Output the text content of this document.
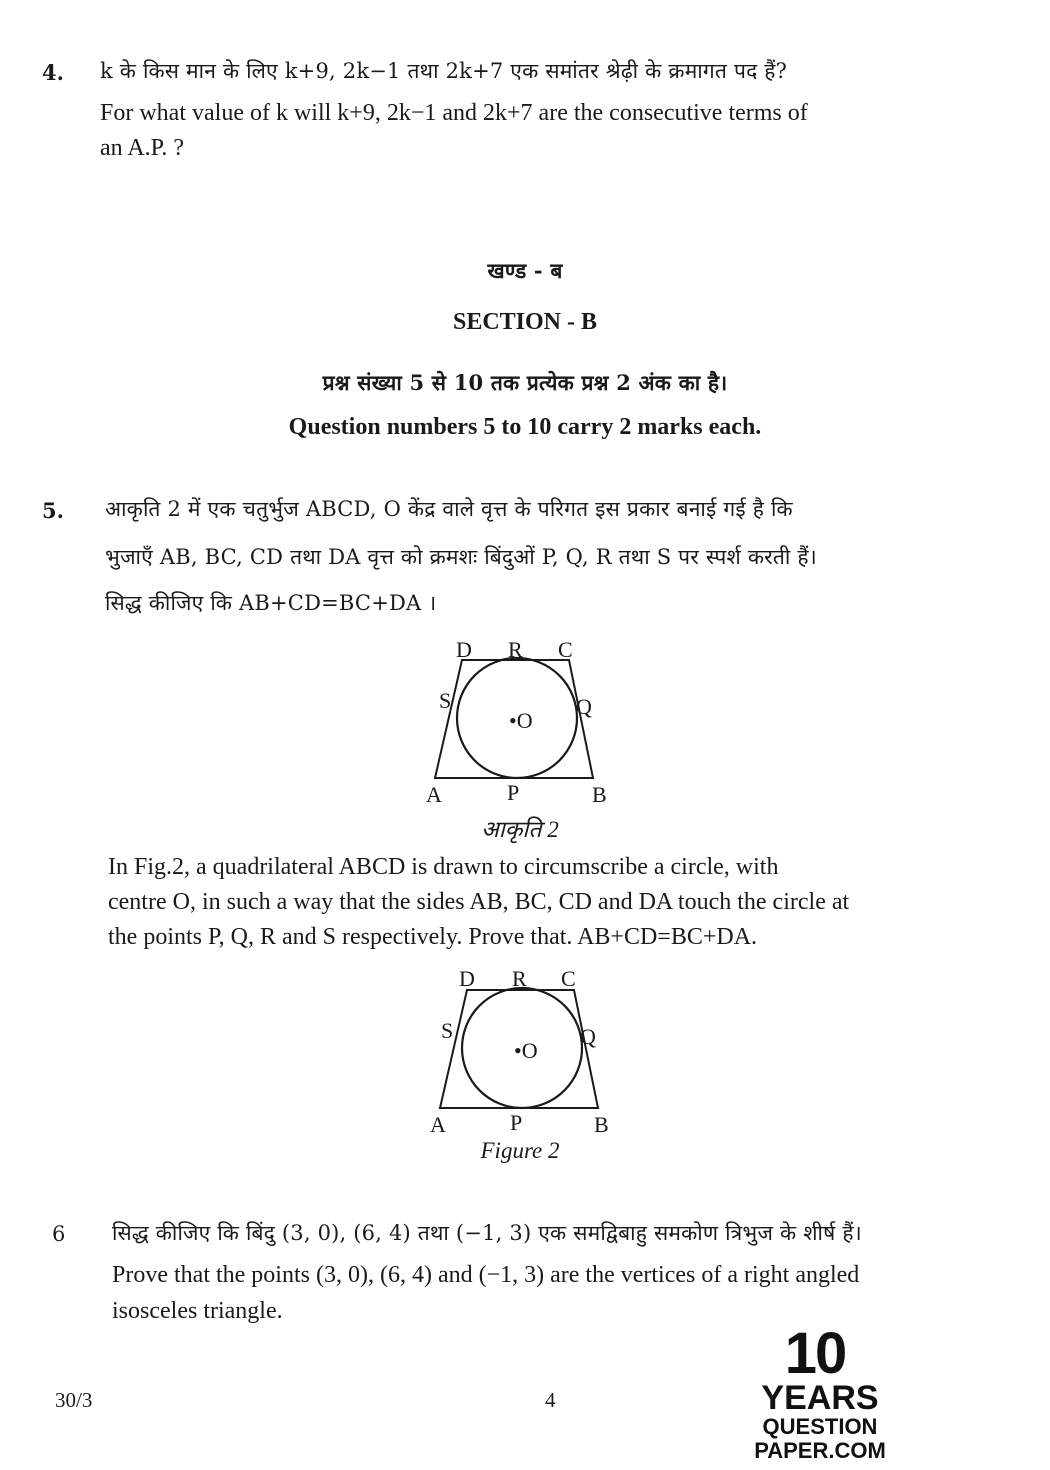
4. k के किस मान के लिए k+9, 2k−1 तथा 2k+7 एक समांतर श्रेढ़ी के क्रमागत पद हैं?
For what value of k will k+9, 2k−1 and 2k+7 are the consecutive terms of
an A.P. ?
खण्ड - ब
SECTION - B
प्रश्न संख्या 5 से 10 तक प्रत्येक प्रश्न 2 अंक का है।
Question numbers 5 to 10 carry 2 marks each.
5. आकृति 2 में एक चतुर्भुज ABCD, O केंद्र वाले वृत्त के परिगत इस प्रकार बनाई गई है कि
भुजाएँ AB, BC, CD तथा DA वृत्त को क्रमशः बिंदुओं P, Q, R तथा S पर स्पर्श करती हैं।
सिद्ध कीजिए कि AB+CD=BC+DA ।
D R C
S	Q
•O
A	P	B
आकृति 2
In Fig.2, a quadrilateral ABCD is drawn to circumscribe a circle, with
centre O, in such a way that the sides AB, BC, CD and DA touch the circle at
the points P, Q, R and S respectively. Prove that. AB+CD=BC+DA.
D R C
S	Q
•O
A	P	B
Figure 2
6 सिद्ध कीजिए कि बिंदु (3, 0), (6, 4) तथा (−1, 3) एक समद्विबाहु समकोण त्रिभुज के शीर्ष हैं।
Prove that the points (3, 0), (6, 4) and (−1, 3) are the vertices of a right angled
isosceles triangle.
30/3	4
10
YEARS
QUESTION PAPER.COM
